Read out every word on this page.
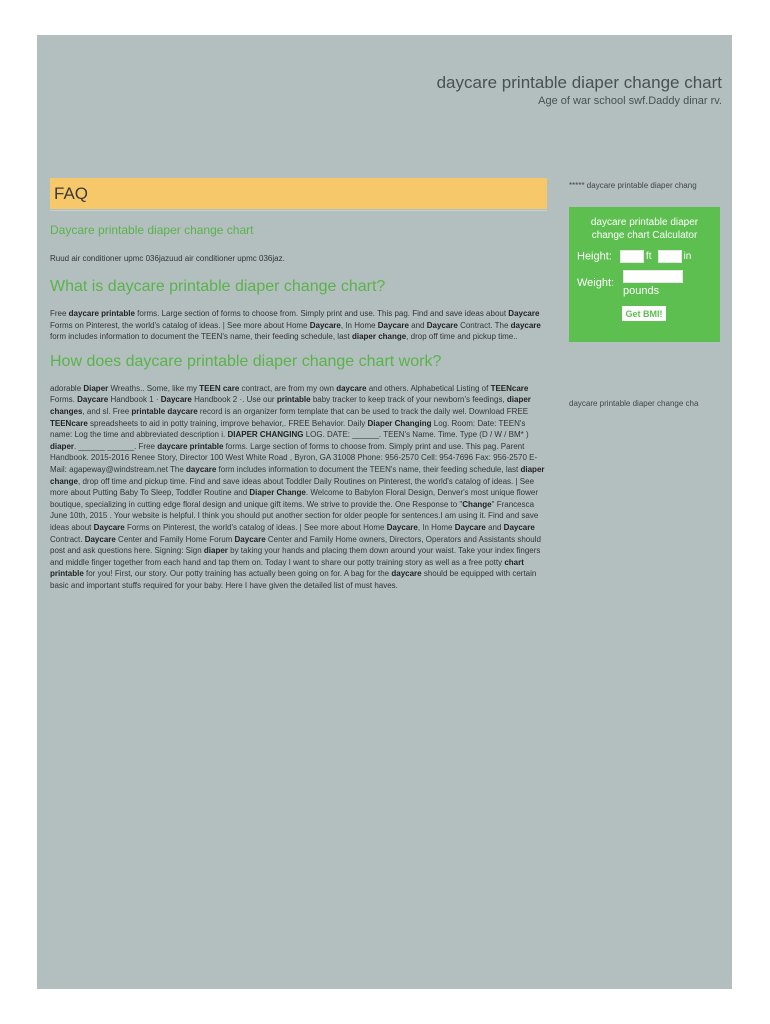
daycare printable diaper change chart

Age of war school swf.Daddy dinar rv.

FAQ
Daycare printable diaper change chart

Ruud air conditioner upmc 036jazuud air conditioner upmc 036jaz.

What is daycare printable diaper change chart?

Free daycare printable forms. Large section of forms to choose from. Simply print and use. This pag. Find and save ideas about Daycare Forms on Pinterest, the world's catalog of ideas. | See more about Home Daycare, In Home Daycare and Daycare Contract. The daycare form includes information to document the TEEN's name, their feeding schedule, last diaper change, drop off time and pickup time..

How does daycare printable diaper change chart work?

adorable Diaper Wreaths.. Some, like my TEEN care contract, are from my own daycare and others. Alphabetical Listing of TEENcare Forms. Daycare Handbook 1 · Daycare Handbook 2 ·. Use our printable baby tracker to keep track of your newborn's feedings, diaper changes, and sl. Free printable daycare record is an organizer form template that can be used to track the daily wel. Download FREE TEENcare spreadsheets to aid in potty training, improve behavior,. FREE Behavior. Daily Diaper Changing Log. Room: Date: TEEN's name: Log the time and abbreviated description i. DIAPER CHANGING LOG. DATE: ______. TEEN's Name. Time. Type (D / W / BM* ) diaper. ______ ______. Free daycare printable forms. Large section of forms to choose from. Simply print and use. This pag. Parent Handbook. 2015-2016 Renee Story, Director 100 West White Road , Byron, GA 31008 Phone: 956-2570 Cell: 954-7696 Fax: 956-2570 E-Mail: agapeway@windstream.net The daycare form includes information to document the TEEN's name, their feeding schedule, last diaper change, drop off time and pickup time. Find and save ideas about Toddler Daily Routines on Pinterest, the world's catalog of ideas. | See more about Putting Baby To Sleep, Toddler Routine and Diaper Change. Welcome to Babylon Floral Design, Denver's most unique flower boutique, specializing in cutting edge floral design and unique gift items. We strive to provide the. One Response to "Change" Francesca June 10th, 2015 . Your website is helpful. I think you should put another section for older people for sentences.I am using it. Find and save ideas about Daycare Forms on Pinterest, the world's catalog of ideas. | See more about Home Daycare, In Home Daycare and Daycare Contract. Daycare Center and Family Home Forum Daycare Center and Family Home owners, Directors, Operators and Assistants should post and ask questions here. Signing: Sign diaper by taking your hands and placing them down around your waist. Take your index fingers and middle finger together from each hand and tap them on. Today I want to share our potty training story as well as a free potty chart printable for you! First, our story. Our potty training has actually been going on for. A bag for the daycare should be equipped with certain basic and important stuffs required for your baby. Here I have given the detailed list of must haves.

***** daycare printable diaper chang
daycare printable diaper change chart Calculator
Height:	ft	in
Weight:
pounds
Get BMI!
daycare printable diaper change cha
